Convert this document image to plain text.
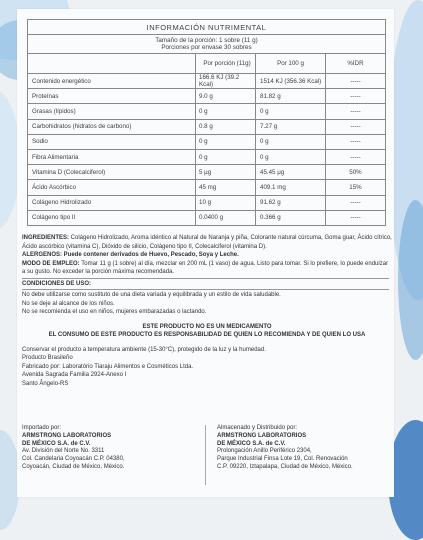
INFORMACIÓN NUTRIMENTAL
Tamaño de la porción: 1 sobre (11 g)
Porciones por envase 30 sobres
Por porción (11g)	Por 100 g	%IDR
Contenido energético	166.6 KJ (39.2 Kcal)	1514 KJ (356.36 Kcal)	-----
Proteínas	9.0 g	81.82 g	-----
Grasas (lípidos)	0 g	0 g	-----
Carbohidratos (hidratos de carbono)	0.8 g	7.27 g	-----
Sodio	0 g	0 g	-----
Fibra Alimentaria	0 g	0 g	-----
Vitamina D (Colecalciferol)	5 μg	45.45 μg	50%
Ácido Ascórbico	45 mg	409.1 mg	15%
Colágeno Hidrolizado	10 g	91.62 g	-----
Colágeno tipo II	0.0400 g	0.366 g	-----

INGREDIENTES: Colágeno Hidrolizado, Aroma idéntico al Natural de Naranja y piña, Colorante natural cúrcuma, Goma guar, Ácido cítrico, Ácido ascórbico (vitamina C), Dióxido de silicio, Colágeno tipo II, Colecalciferol (vitamina D).

ALERGENOS: Puede contener derivados de Huevo, Pescado, Soya y Leche.

MODO DE EMPLEO: Tomar 11 g (1 sobre) al día, mezclar en 200 mL (1 vaso) de agua. Listo para tomar. Si lo prefiere, lo puede endulzar a su gusto. No exceder la porción máxima recomendada.

CONDICIONES DE USO:

No debe utilizarse como sustituto de una dieta variada y equilibrada y un estilo de vida saludable.

No se deje al alcance de los niños.

No se recomienda el uso en niños, mujeres embarazadas o lactando.

ESTE PRODUCTO NO ES UN MEDICAMENTO

EL CONSUMO DE ESTE PRODUCTO ES RESPONSABILIDAD DE QUIEN LO RECOMIENDA Y DE QUIEN LO USA

Conservar el producto a temperatura ambiente (15-30°C), protegido de la luz y la humedad.

Producto Brasileño

Fabricado por: Laboratório Tiaraju Alimentos e Cosméticos Ltda.

Avenida Sagrada Familia 2924-Anexo I

Santo Ângelo-RS

Importado por:
ARMSTRONG LABORATORIOS
DE MÉXICO S.A. de C.V.
Av. División del Norte No. 3311
Col. Candelaria Coyoacán C.P. 04380,
Coyoacán, Ciudad de México, México.
Almacenado y Distribuido por:
ARMSTRONG LABORATORIOS
DE MÉXICO S.A. de C.V.
Prolongación Anillo Periférico 2304,
Parque Industrial Finsa Lote 19, Col. Renovación
C.P. 09220, Iztapalapa, Ciudad de México, México.
